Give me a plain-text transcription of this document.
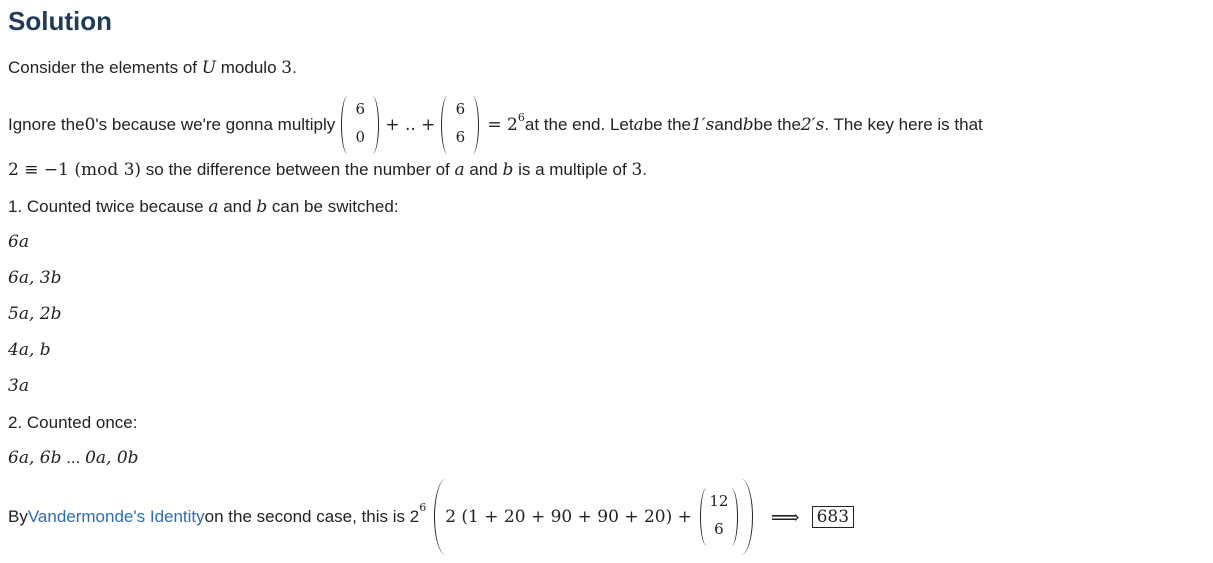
Solution
Consider the elements of U modulo 3.
Ignore the 0 's because we're gonna multiply
6
0
+ .. +
6
6
= $2^6$ at the end. Let a be the 1′s and b be the 2′s . The key here is that
2 ≡ −1 (mod 3) so the difference between the number of a and b is a multiple of 3.
1. Counted twice because a and b can be switched:
6a
6a, 3b
5a, 2b
4a, b
3a
2. Counted once:
6a, 6b ... 0a, 0b
By Vandermonde's Identity on the second case, this is $2^6$ 2 (1 + 20 + 90 + 90 + 20) +
12
6	⟹ 683
